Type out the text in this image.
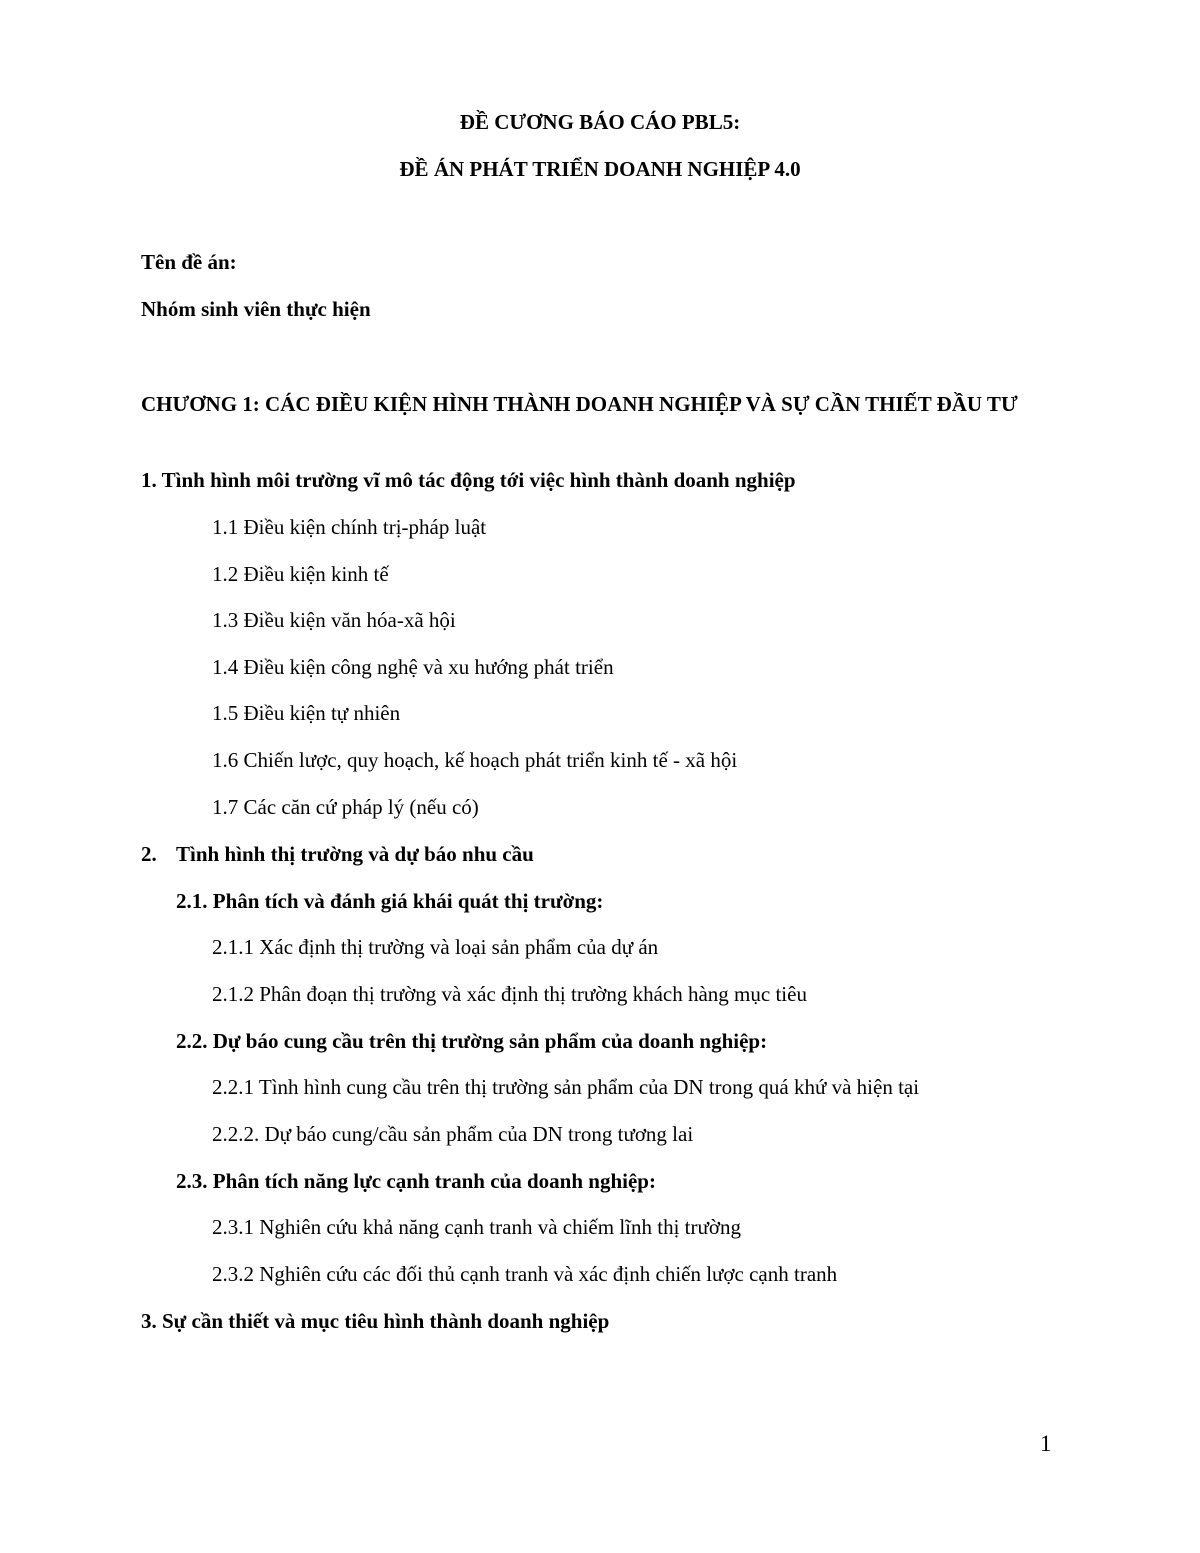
ĐỀ CƯƠNG BÁO CÁO PBL5:
ĐỀ ÁN PHÁT TRIỂN DOANH NGHIỆP 4.0
Tên đề án:
Nhóm sinh viên thực hiện
CHƯƠNG 1: CÁC ĐIỀU KIỆN HÌNH THÀNH DOANH NGHIỆP VÀ SỰ CẦN THIẾT ĐẦU TƯ
1. Tình hình môi trường vĩ mô tác động tới việc hình thành doanh nghiệp
1.1 Điều kiện chính trị-pháp luật
1.2 Điều kiện kinh tế
1.3 Điều kiện văn hóa-xã hội
1.4 Điều kiện công nghệ và xu hướng phát triển
1.5 Điều kiện tự nhiên
1.6 Chiến lược, quy hoạch, kế hoạch phát triển kinh tế - xã hội
1.7 Các căn cứ pháp lý (nếu có)
2. Tình hình thị trường và dự báo nhu cầu
2.1. Phân tích và đánh giá khái quát thị trường:
2.1.1 Xác định thị trường và loại sản phẩm của dự án
2.1.2 Phân đoạn thị trường và xác định thị trường khách hàng mục tiêu
2.2. Dự báo cung cầu trên thị trường sản phẩm của doanh nghiệp:
2.2.1 Tình hình cung cầu trên thị trường sản phẩm của DN trong quá khứ và hiện tại
2.2.2. Dự báo cung/cầu sản phẩm của DN trong tương lai
2.3. Phân tích năng lực cạnh tranh của doanh nghiệp:
2.3.1 Nghiên cứu khả năng cạnh tranh và chiếm lĩnh thị trường
2.3.2 Nghiên cứu các đối thủ cạnh tranh và xác định chiến lược cạnh tranh
3. Sự cần thiết và mục tiêu hình thành doanh nghiệp
1
